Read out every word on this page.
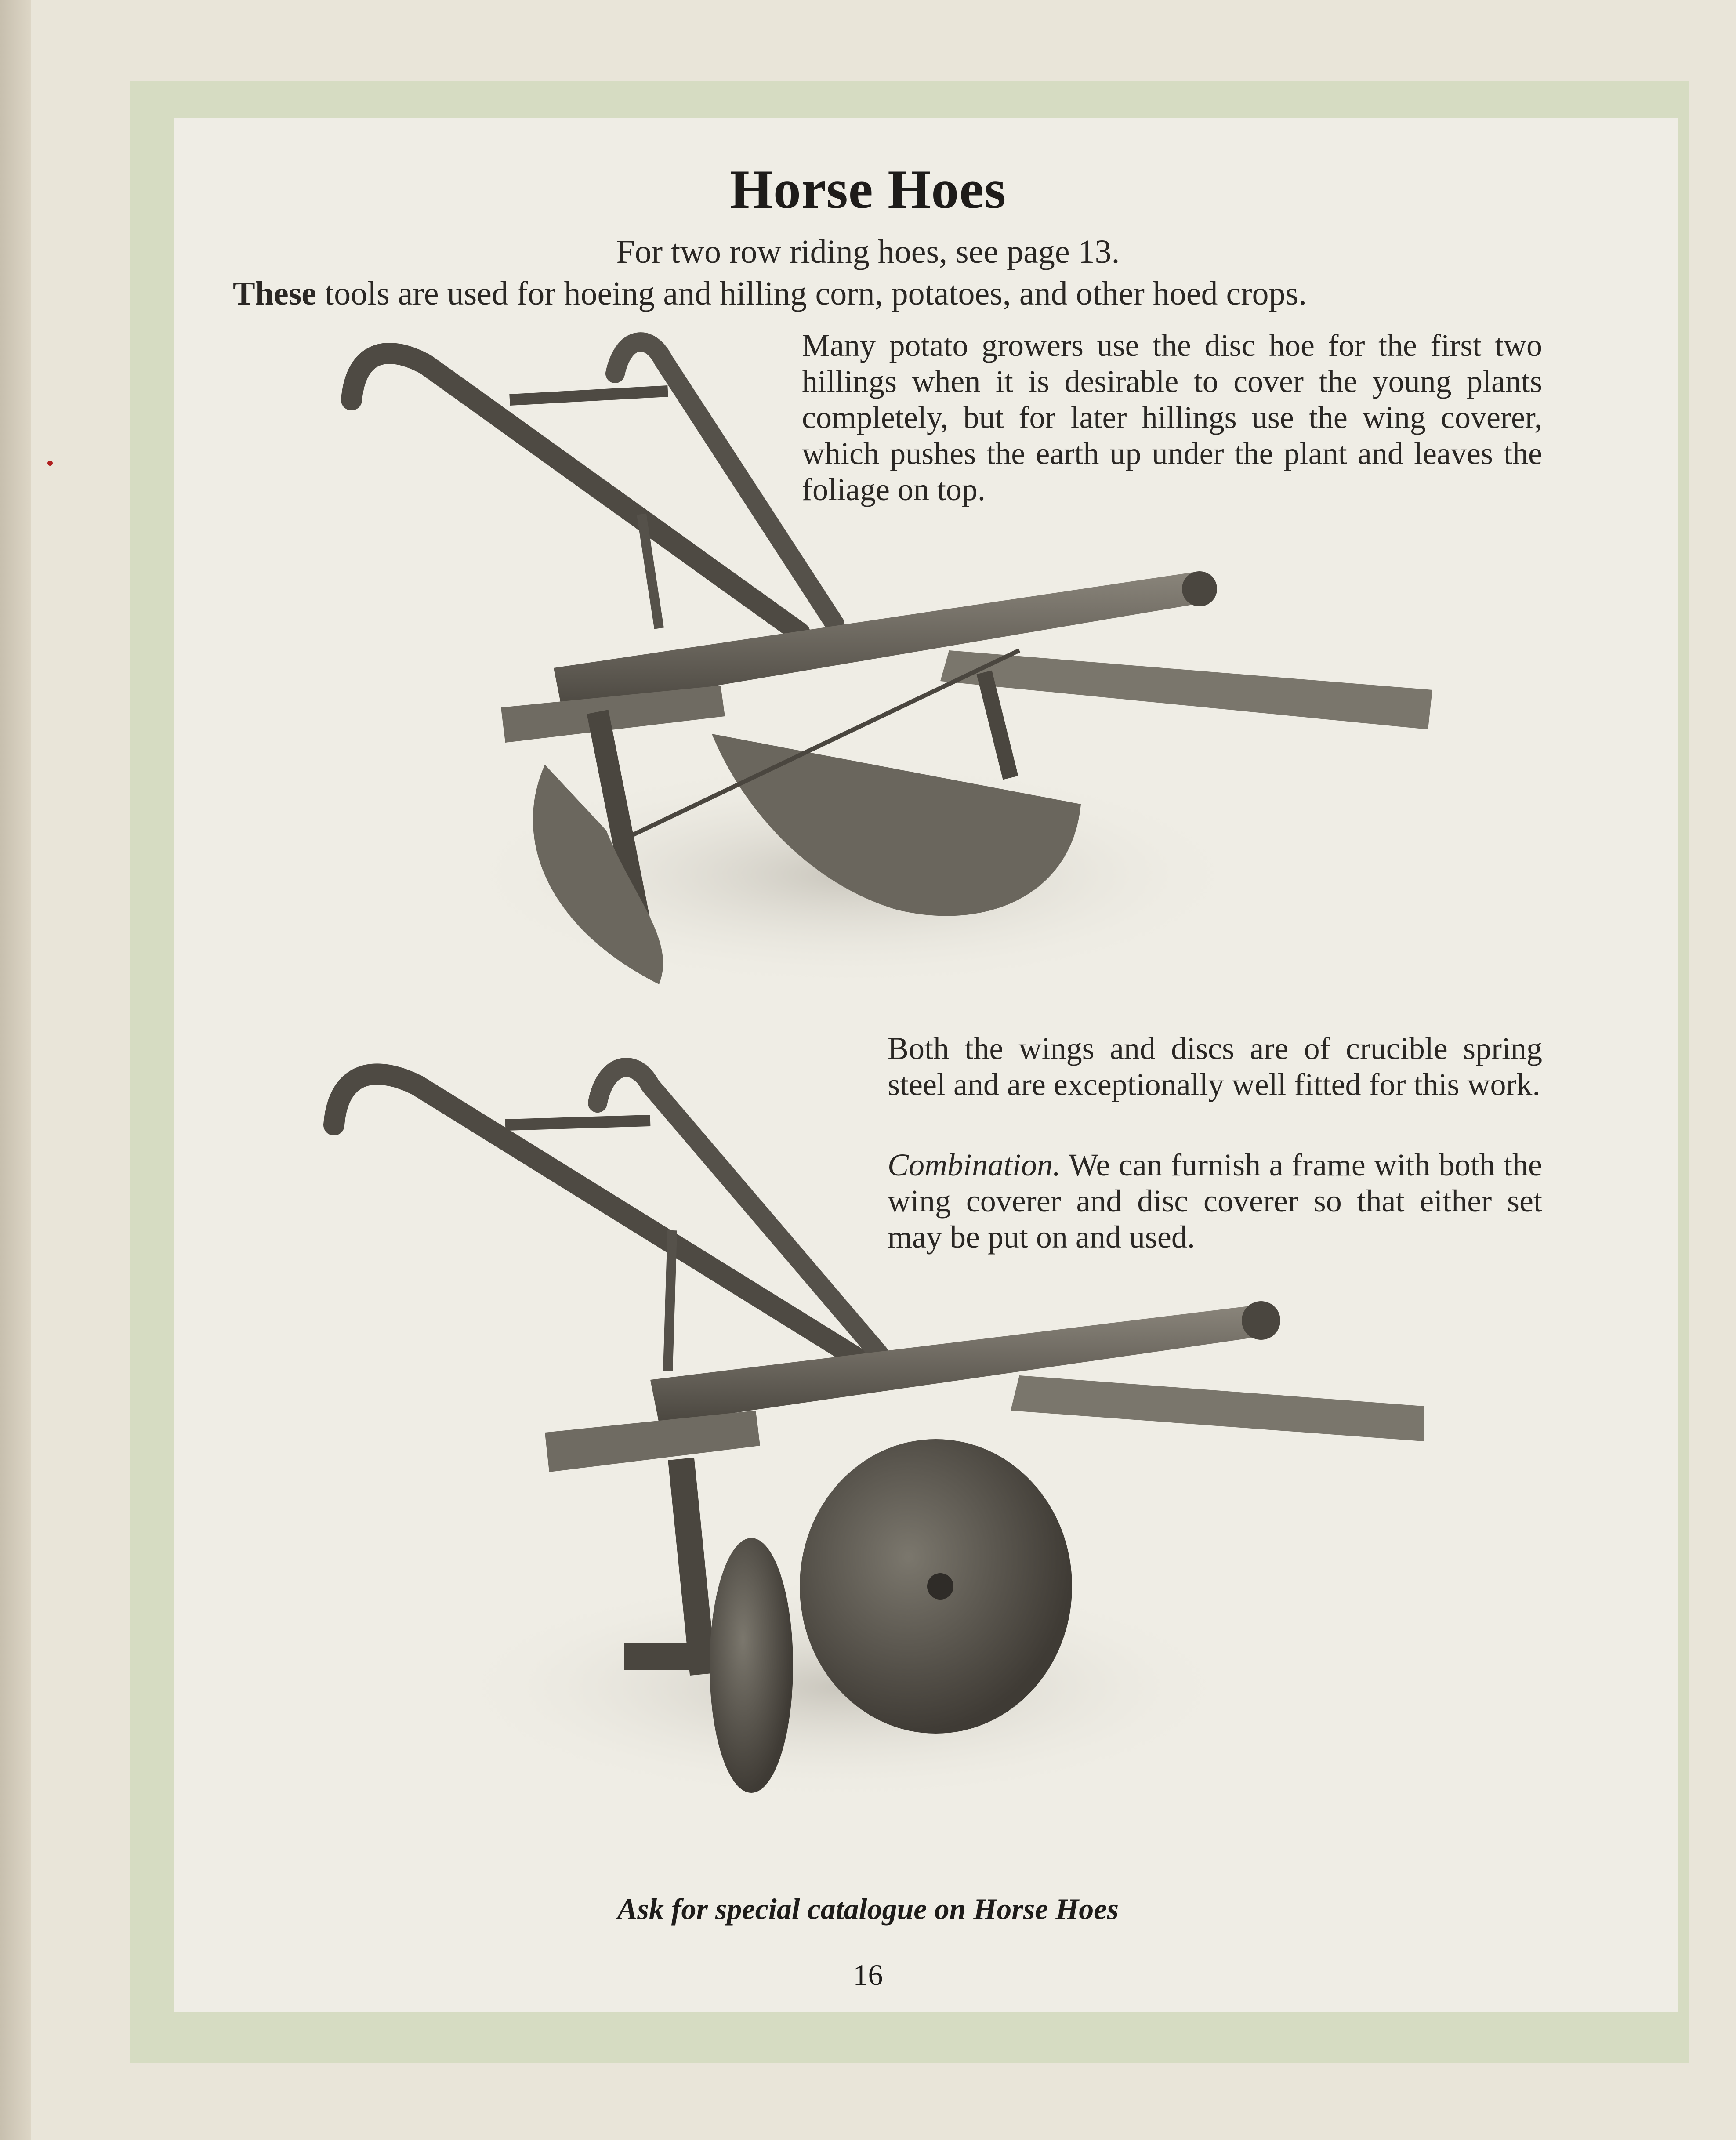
Horse Hoes
For two row riding hoes, see page 13.
These tools are used for hoeing and hilling corn, potatoes, and other hoed crops.
Many potato growers use the disc hoe for the first two hillings when it is desirable to cover the young plants completely, but for later hillings use the wing coverer, which pushes the earth up under the plant and leaves the foliage on top.
Both the wings and discs are of crucible spring steel and are exceptionally well fitted for this work.
Combination. We can furnish a frame with both the wing coverer and disc coverer so that either set may be put on and used.
Ask for special catalogue on Horse Hoes
16
